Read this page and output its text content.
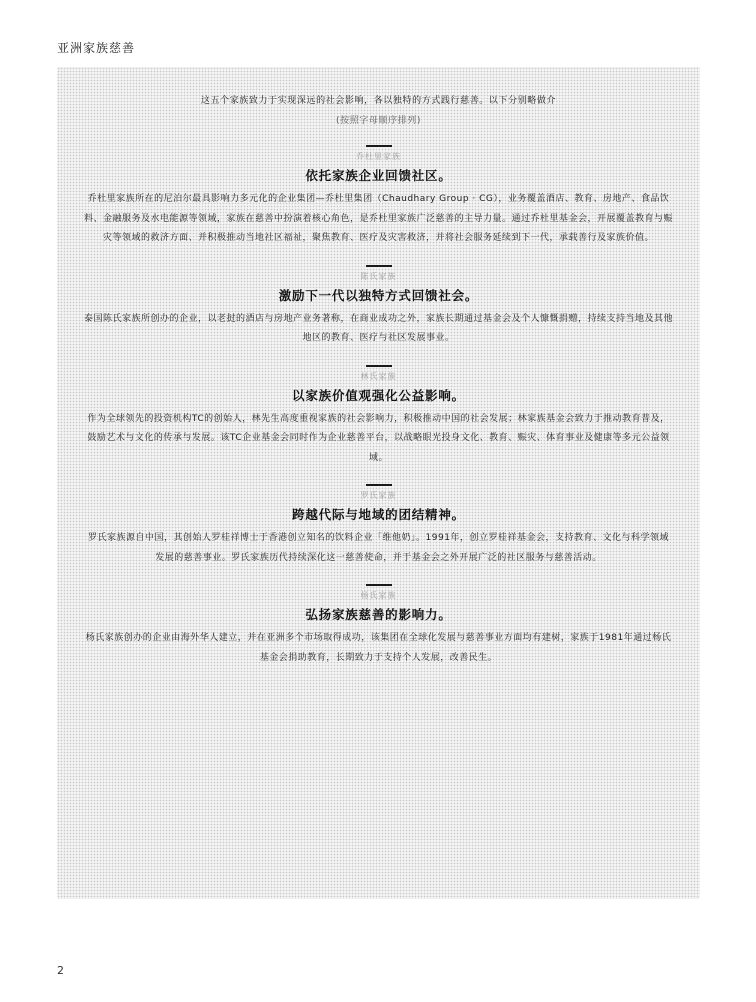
亚洲家族慈善
这五个家族致力于实现深远的社会影响，各以独特的方式践行慈善。以下分别略做介
(按照字母顺序排列)
乔杜里家族
依托家族企业回馈社区。
乔杜里家族所在的尼泊尔最具影响力多元化的企业集团—乔杜里集团（Chaudhary Group · CG），业务覆盖酒店、教育、房地产、食品饮料、金融服务及水电能源等领域，家族在慈善中扮演着核心角色，是乔杜里家族广泛慈善的主导力量。通过乔杜里基金会，开展覆盖教育与赈灾等领域的救济方面、并积极推动当地社区福祉，聚焦教育、医疗及灾害救济，并将社会服务延续到下一代，承载善行及家族价值。
陈氏家族
激励下一代以独特方式回馈社会。
泰国陈氏家族所创办的企业，以老挝的酒店与房地产业务著称，在商业成功之外，家族长期通过基金会及个人慷慨捐赠，持续支持当地及其他地区的教育、医疗与社区发展事业。
林氏家族
以家族价值观强化公益影响。
作为全球领先的投资机构TC的创始人，林先生高度重视家族的社会影响力，积极推动中国的社会发展；林家族基金会致力于推动教育普及，鼓励艺术与文化的传承与发展。该TC企业基金会同时作为企业慈善平台，以战略眼光投身文化、教育、赈灾、体育事业及健康等多元公益领域。
罗氏家族
跨越代际与地域的团结精神。
罗氏家族源自中国，其创始人罗桂祥博士于香港创立知名的饮料企业「维他奶」。1991年，创立罗桂祥基金会，支持教育、文化与科学领域发展的慈善事业。罗氏家族历代持续深化这一慈善使命，并于基金会之外开展广泛的社区服务与慈善活动。
杨氏家族
弘扬家族慈善的影响力。
杨氏家族创办的企业由海外华人建立，并在亚洲多个市场取得成功，该集团在全球化发展与慈善事业方面均有建树，家族于1981年通过杨氏基金会捐助教育，长期致力于支持个人发展，改善民生。
2
